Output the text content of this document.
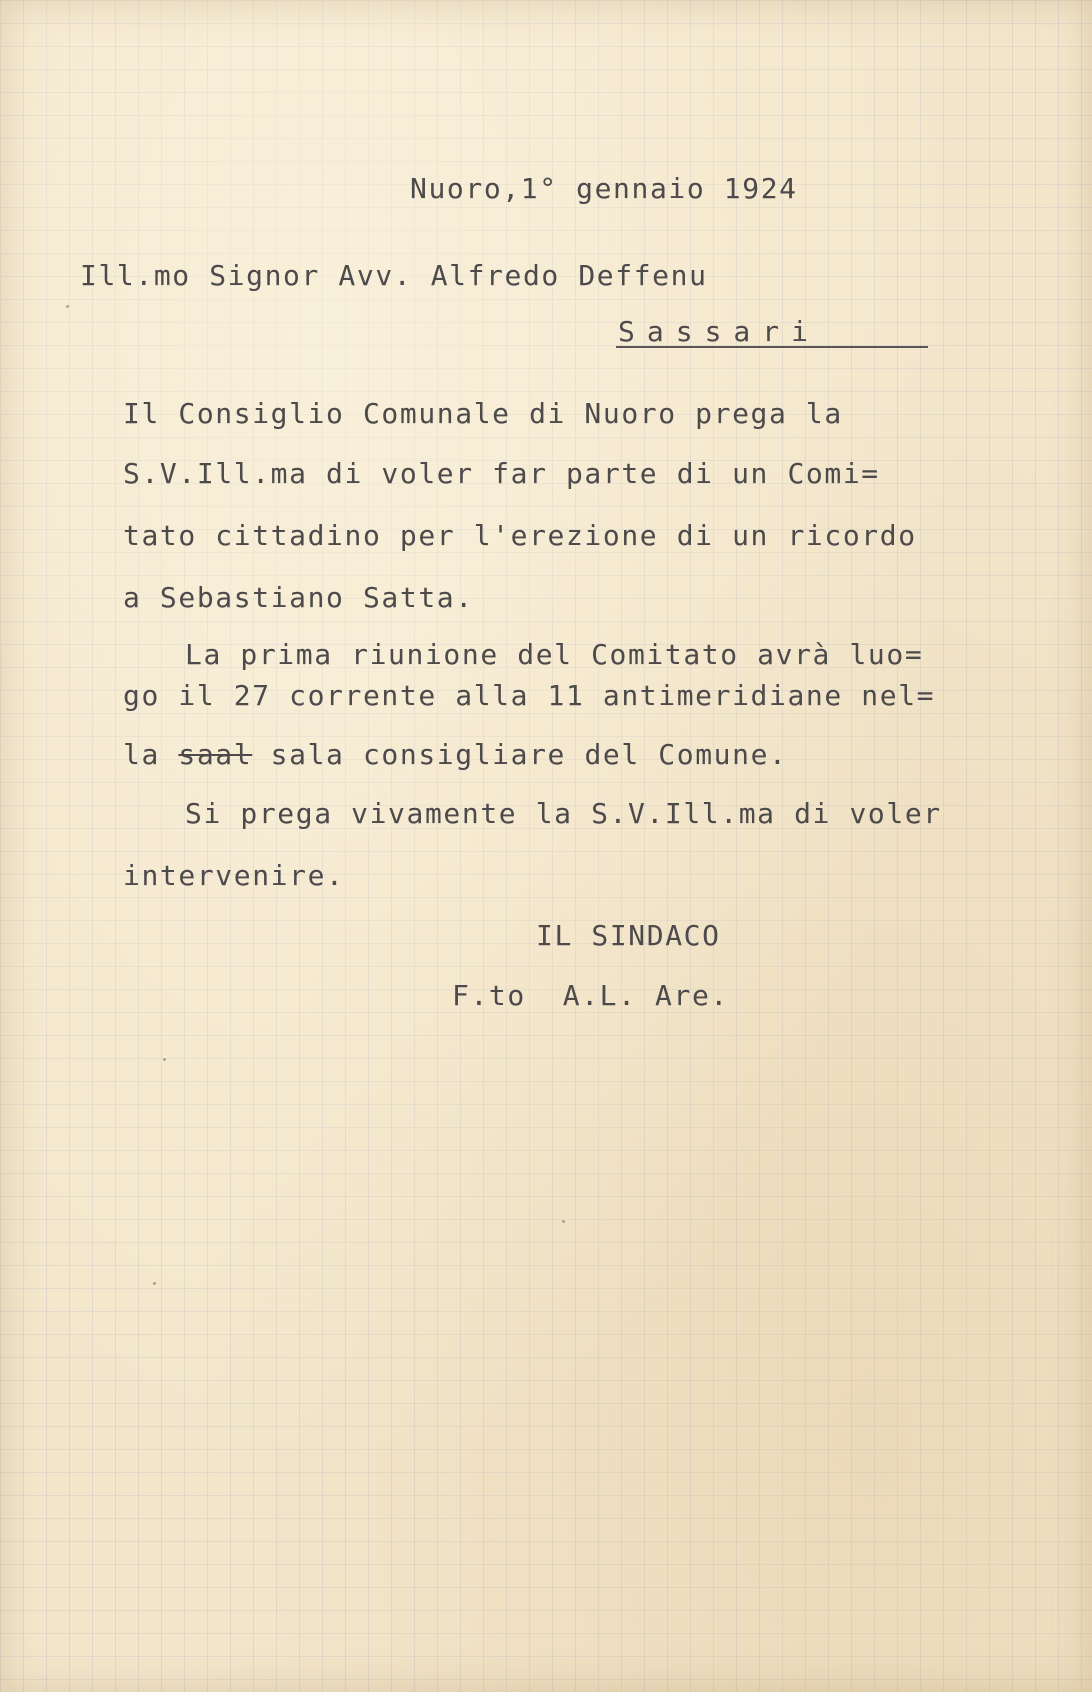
Nuoro,1° gennaio 1924
Ill.mo Signor Avv. Alfredo Deffenu
Sassari
Il Consiglio Comunale di Nuoro prega la
S.V.Ill.ma di voler far parte di un Comi=
tato cittadino per l'erezione di un ricordo
a Sebastiano Satta.
La prima riunione del Comitato avrà luo=
go il 27 corrente alla 11 antimeridiane nel=
la saal sala consigliare del Comune.
Si prega vivamente la S.V.Ill.ma di voler
intervenire.
IL SINDACO
F.to  A.L. Are.
